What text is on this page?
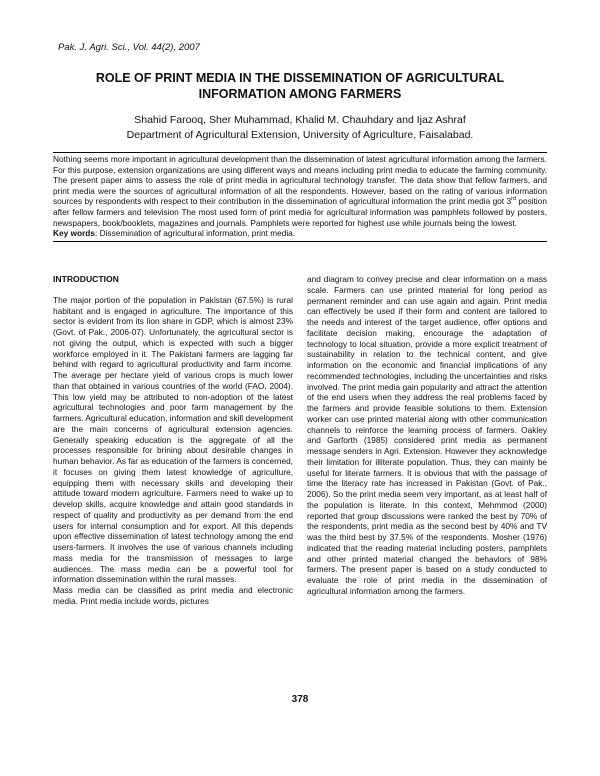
Pak. J. Agri. Sci., Vol. 44(2), 2007
ROLE OF PRINT MEDIA IN THE DISSEMINATION OF AGRICULTURAL
INFORMATION AMONG FARMERS
Shahid Farooq, Sher Muhammad, Khalid M. Chauhdary and Ijaz Ashraf
Department of Agricultural Extension, University of Agriculture, Faisalabad.

Nothing seems more important in agricultural development than the dissemination of latest agricultural information among the farmers. For this purpose, extension organizations are using different ways and means including print media to educate the farming community. The present paper aims to assess the role of print media in agricultural technology transfer. The data show that fellow farmers, and print media were the sources of agricultural information of all the respondents. However, based on the rating of various information sources by respondents with respect to their contribution in the dissemination of agricultural information the print media got 3rd position after fellow farmers and television The most used form of print media for agricultural information was pamphlets followed by posters, newspapers, book/booklets, magazines and journals. Pamphlets were reported for highest use while journals being the lowest.

Key words: Dissemination of agricultural information, print media.

INTRODUCTION

The major portion of the population in Pakistan (67.5%) is rural habitant and is engaged in agriculture. The importance of this sector is evident from its lion share in GDP, which is almost 23% (Govt. of Pak., 2006-07). Unfortunately, the agricultural sector is not giving the output, which is expected with such a bigger workforce employed in it. The Pakistani farmers are lagging far behind with regard to agricultural productivity and farm income. The average per hectare yield of various crops is much lower than that obtained in various countries of the world (FAO, 2004). This low yield may be attributed to non-adoption of the latest agricultural technologies and poor farm management by the farmers. Agricultural education, information and skill development are the main concerns of agricultural extension agencies. Generally speaking education is the aggregate of all the processes responsible for brining about desirable changes in human behavior. As far as education of the farmers is concerned, it focuses on giving them latest knowledge of agriculture, equipping them with necessary skills and developing their attitude toward modern agriculture. Farmers need to wake up to develop skills, acquire knowledge and attain good standards in respect of quality and productivity as per demand from the end users for internal consumption and for export. All this depends upon effective dissemination of latest technology among the end users-farmers. It involves the use of various channels including mass media for the transmission of messages to large audiences. The mass media can be a powerful tool for information dissemination within the rural masses.

Mass media can be classified as print media and electronic media. Print media include words, pictures

and diagram to convey precise and clear information on a mass scale. Farmers can use printed material for long period as permanent reminder and can use again and again. Print media can effectively be used if their form and content are tailored to the needs and interest of the target audience, offer options and facilitate decision making, encourage the adaptation of technology to local situation, provide a more explicit treatment of sustainability in relation to the technical content, and give information on the economic and financial implications of any recommended technologies, including the uncertainties and risks involved. The print media gain popularity and attract the attention of the end users when they address the real problems faced by the farmers and provide feasible solutions to them. Extension worker can use printed material along with other communication channels to reinforce the learning process of farmers. Oakley and Garforth (1985) considered print media as permanent message senders in Agri. Extension. However they acknowledge their limitation for illiterate population. Thus, they can mainly be useful for literate farmers. It is obvious that with the passage of time the literacy rate has increased in Pakistan (Govt. of Pak., 2006). So the print media seem very important, as at least half of the population is literate. In this context, Mehmmod (2000) reported that group discussions were ranked the best by 70% of the respondents, print media as the second best by 40% and TV was the third best by 37.5% of the respondents. Mosher (1976) indicated that the reading material including posters, pamphlets and other printed material changed the behaviors of 98% farmers. The present paper is based on a study conducted to evaluate the role of print media in the dissemination of agricultural information among the farmers.

378
